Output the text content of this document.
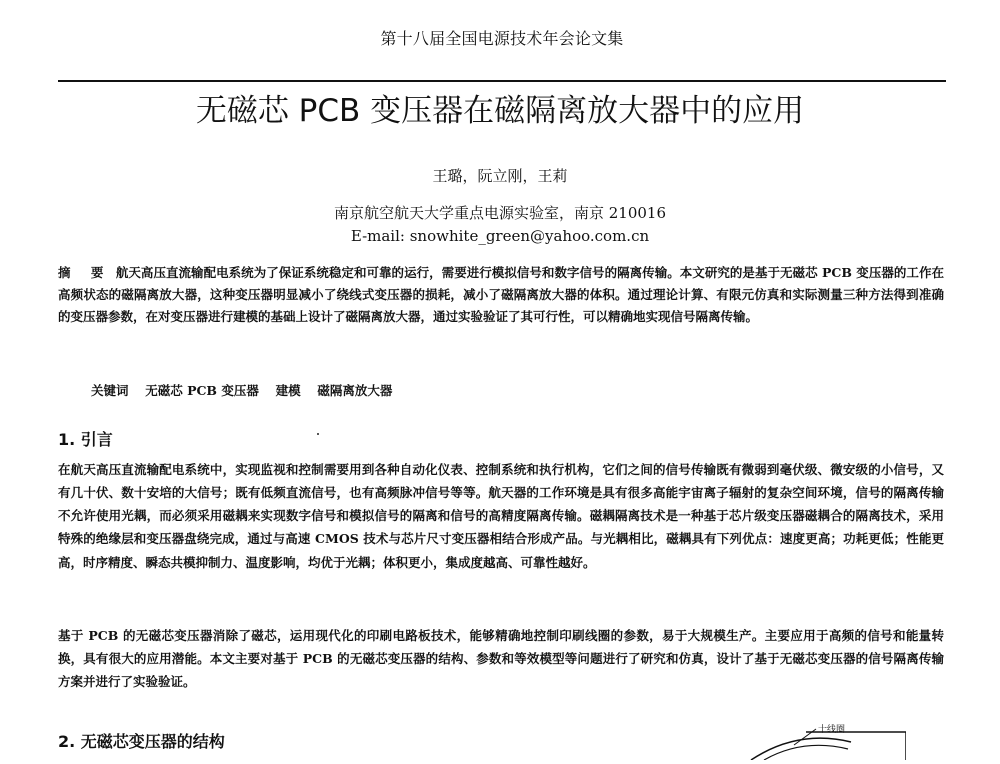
第十八届全国电源技术年会论文集
无磁芯 PCB 变压器在磁隔离放大器中的应用
王璐，阮立刚，王莉
南京航空航天大学重点电源实验室，南京 210016
E-mail: snowhite_green@yahoo.com.cn
摘 要 航天高压直流输配电系统为了保证系统稳定和可靠的运行，需要进行模拟信号和数字信号的隔离传输。本文研究的是基于无磁芯 PCB 变压器的工作在高频状态的磁隔离放大器，这种变压器明显减小了绕线式变压器的损耗，减小了磁隔离放大器的体积。通过理论计算、有限元仿真和实际测量三种方法得到准确的变压器参数，在对变压器进行建模的基础上设计了磁隔离放大器，通过实验验证了其可行性，可以精确地实现信号隔离传输。
关键词 无磁芯 PCB 变压器 建模 磁隔离放大器
1. 引言
在航天高压直流输配电系统中，实现监视和控制需要用到各种自动化仪表、控制系统和执行机构，它们之间的信号传输既有微弱到毫伏级、微安级的小信号，又有几十伏、数十安培的大信号；既有低频直流信号，也有高频脉冲信号等等。航天器的工作环境是具有很多高能宇宙离子辐射的复杂空间环境，信号的隔离传输不允许使用光耦，而必须采用磁耦来实现数字信号和模拟信号的隔离和信号的高精度隔离传输。磁耦隔离技术是一种基于芯片级变压器磁耦合的隔离技术，采用特殊的绝缘层和变压器盘绕完成，通过与高速 CMOS 技术与芯片尺寸变压器相结合形成产品。与光耦相比，磁耦具有下列优点：速度更高；功耗更低；性能更高，时序精度、瞬态共模抑制力、温度影响，均优于光耦；体积更小，集成度越高、可靠性越好。
基于 PCB 的无磁芯变压器消除了磁芯，运用现代化的印刷电路板技术，能够精确地控制印刷线圈的参数，易于大规模生产。主要应用于高频的信号和能量转换，具有很大的应用潜能。本文主要对基于 PCB 的无磁芯变压器的结构、参数和等效模型等问题进行了研究和仿真，设计了基于无磁芯变压器的信号隔离传输方案并进行了实验验证。
2. 无磁芯变压器的结构
十线圈
